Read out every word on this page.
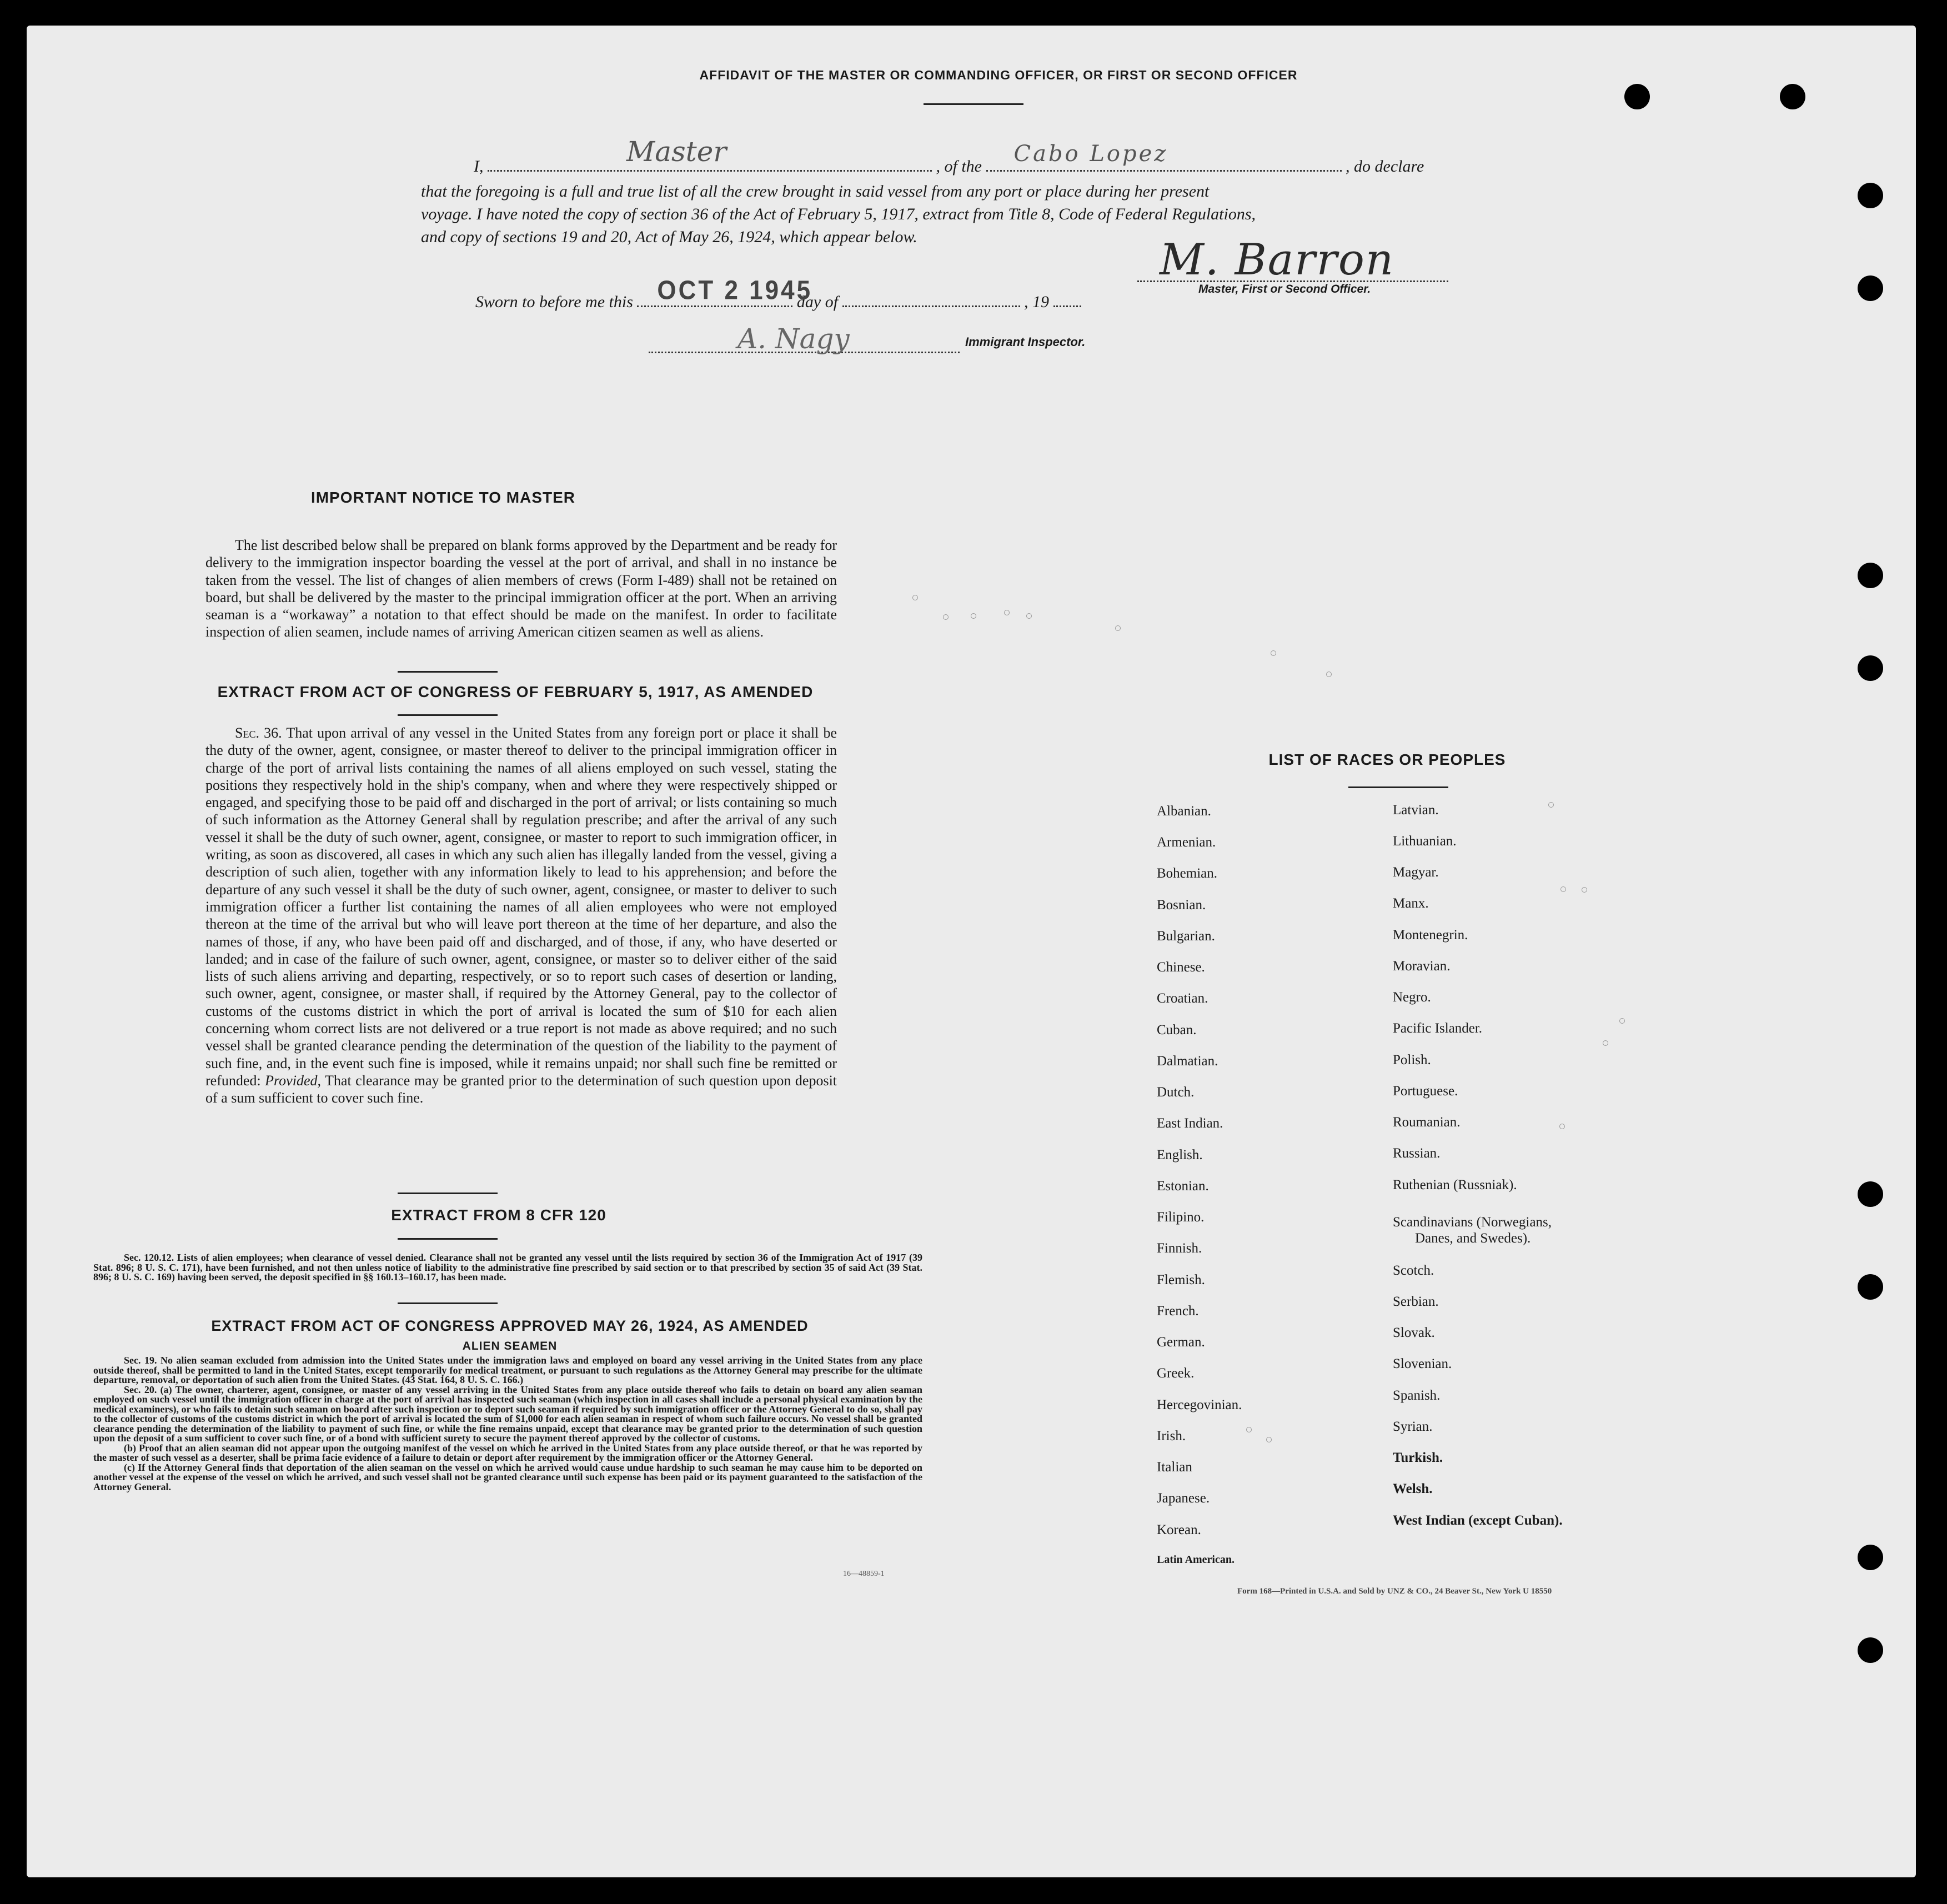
AFFIDAVIT OF THE MASTER OR COMMANDING OFFICER, OR FIRST OR SECOND OFFICER
I,	Master	, of the Cabo Lopez	, do declare
that the foregoing is a full and true list of all the crew brought in said vessel from any port or place during her present
voyage. I have noted the copy of section 36 of the Act of February 5, 1917, extract from Title 8, Code of Federal Regulations,
and copy of sections 19 and 20, Act of May 26, 1924, which appear below.	M. Barron
Master, First or Second Officer.
Sworn to before me this OCT 2 1945
day of	, 19
A. Nagy	Immigrant Inspector.
IMPORTANT NOTICE TO MASTER
The list described below shall be prepared on blank forms approved by the Department and be ready for delivery to the immigration inspector boarding the vessel at the port of arrival, and shall in no instance be taken from the vessel. The list of changes of alien members of crews (Form I-489) shall not be retained on board, but shall be delivered by the master to the principal immigration officer at the port. When an arriving seaman is a “workaway” a notation to that effect should be made on the manifest. In order to facilitate inspection of alien seamen, include names of arriving American citizen seamen as well as aliens.
EXTRACT FROM ACT OF CONGRESS OF FEBRUARY 5, 1917, AS AMENDED
Sec. 36. That upon arrival of any vessel in the United States from any foreign port or place it shall be the duty of the owner, agent, consignee, or master thereof to deliver to the principal immigration officer in charge of the port of arrival lists containing the names of all aliens employed on such vessel, stating the positions they respectively hold in the ship's company, when and where they were respectively shipped or engaged, and specifying those to be paid off and discharged in the port of arrival; or lists containing so much of such information as the Attorney General shall by regulation prescribe; and after the arrival of any such vessel it shall be the duty of such owner, agent, consignee, or master to report to such immigration officer, in writing, as soon as discovered, all cases in which any such alien has illegally landed from the vessel, giving a description of such alien, together with any information likely to lead to his apprehension; and before the departure of any such vessel it shall be the duty of such owner, agent, consignee, or master to deliver to such immigration officer a further list containing the names of all alien employees who were not employed thereon at the time of the arrival but who will leave port thereon at the time of her departure, and also the names of those, if any, who have been paid off and discharged, and of those, if any, who have deserted or landed; and in case of the failure of such owner, agent, consignee, or master so to deliver either of the said lists of such aliens arriving and departing, respectively, or so to report such cases of desertion or landing, such owner, agent, consignee, or master shall, if required by the Attorney General, pay to the collector of customs of the customs district in which the port of arrival is located the sum of $10 for each alien concerning whom correct lists are not delivered or a true report is not made as above required; and no such vessel shall be granted clearance pending the determination of the question of the liability to the payment of such fine, and, in the event such fine is imposed, while it remains unpaid; nor shall such fine be remitted or refunded: Provided, That clearance may be granted prior to the determination of such question upon deposit of a sum sufficient to cover such fine.
EXTRACT FROM 8 CFR 120
Sec. 120.12. Lists of alien employees; when clearance of vessel denied. Clearance shall not be granted any vessel until the lists required by section 36 of the Immigration Act of 1917 (39 Stat. 896; 8 U. S. C. 171), have been furnished, and not then unless notice of liability to the administrative fine prescribed by said section or to that prescribed by section 35 of said Act (39 Stat. 896; 8 U. S. C. 169) having been served, the deposit specified in §§ 160.13–160.17, has been made.
EXTRACT FROM ACT OF CONGRESS APPROVED MAY 26, 1924, AS AMENDED
ALIEN SEAMEN
Sec. 19. No alien seaman excluded from admission into the United States under the immigration laws and employed on board any vessel arriving in the United States from any place outside thereof, shall be permitted to land in the United States, except temporarily for medical treatment, or pursuant to such regulations as the Attorney General may prescribe for the ultimate departure, removal, or deportation of such alien from the United States. (43 Stat. 164, 8 U. S. C. 166.)
Sec. 20. (a) The owner, charterer, agent, consignee, or master of any vessel arriving in the United States from any place outside thereof who fails to detain on board any alien seaman employed on such vessel until the immigration officer in charge at the port of arrival has inspected such seaman (which inspection in all cases shall include a personal physical examination by the medical examiners), or who fails to detain such seaman on board after such inspection or to deport such seaman if required by such immigration officer or the Attorney General to do so, shall pay to the collector of customs of the customs district in which the port of arrival is located the sum of $1,000 for each alien seaman in respect of whom such failure occurs. No vessel shall be granted clearance pending the determination of the liability to payment of such fine, or while the fine remains unpaid, except that clearance may be granted prior to the determination of such question upon the deposit of a sum sufficient to cover such fine, or of a bond with sufficient surety to secure the payment thereof approved by the collector of customs.
(b) Proof that an alien seaman did not appear upon the outgoing manifest of the vessel on which he arrived in the United States from any place outside thereof, or that he was reported by the master of such vessel as a deserter, shall be prima facie evidence of a failure to detain or deport after requirement by the immigration officer or the Attorney General.
(c) If the Attorney General finds that deportation of the alien seaman on the vessel on which he arrived would cause undue hardship to such seaman he may cause him to be deported on another vessel at the expense of the vessel on which he arrived, and such vessel shall not be granted clearance until such expense has been paid or its payment guaranteed to the satisfaction of the Attorney General.
16—48859-1
LIST OF RACES OR PEOPLES
Albanian.
Armenian.
Bohemian.
Bosnian.
Bulgarian.
Chinese.
Croatian.
Cuban.
Dalmatian.
Dutch.
East Indian.
English.
Estonian.
Filipino.
Finnish.
Flemish.
French.
German.
Greek.
Hercegovinian.
Irish.
Italian
Japanese.
Korean.
Latin American.
Latvian.
Lithuanian.
Magyar.
Manx.
Montenegrin.
Moravian.
Negro.
Pacific Islander.
Polish.
Portuguese.
Roumanian.
Russian.
Ruthenian (Russniak).
Scandinavians (Norwegians,
Danes, and Swedes).
Scotch.
Serbian.
Slovak.
Slovenian.
Spanish.
Syrian.
Turkish.
Welsh.
West Indian (except Cuban).
Form 168—Printed in U.S.A. and Sold by UNZ & CO., 24 Beaver St., New York U 18550
